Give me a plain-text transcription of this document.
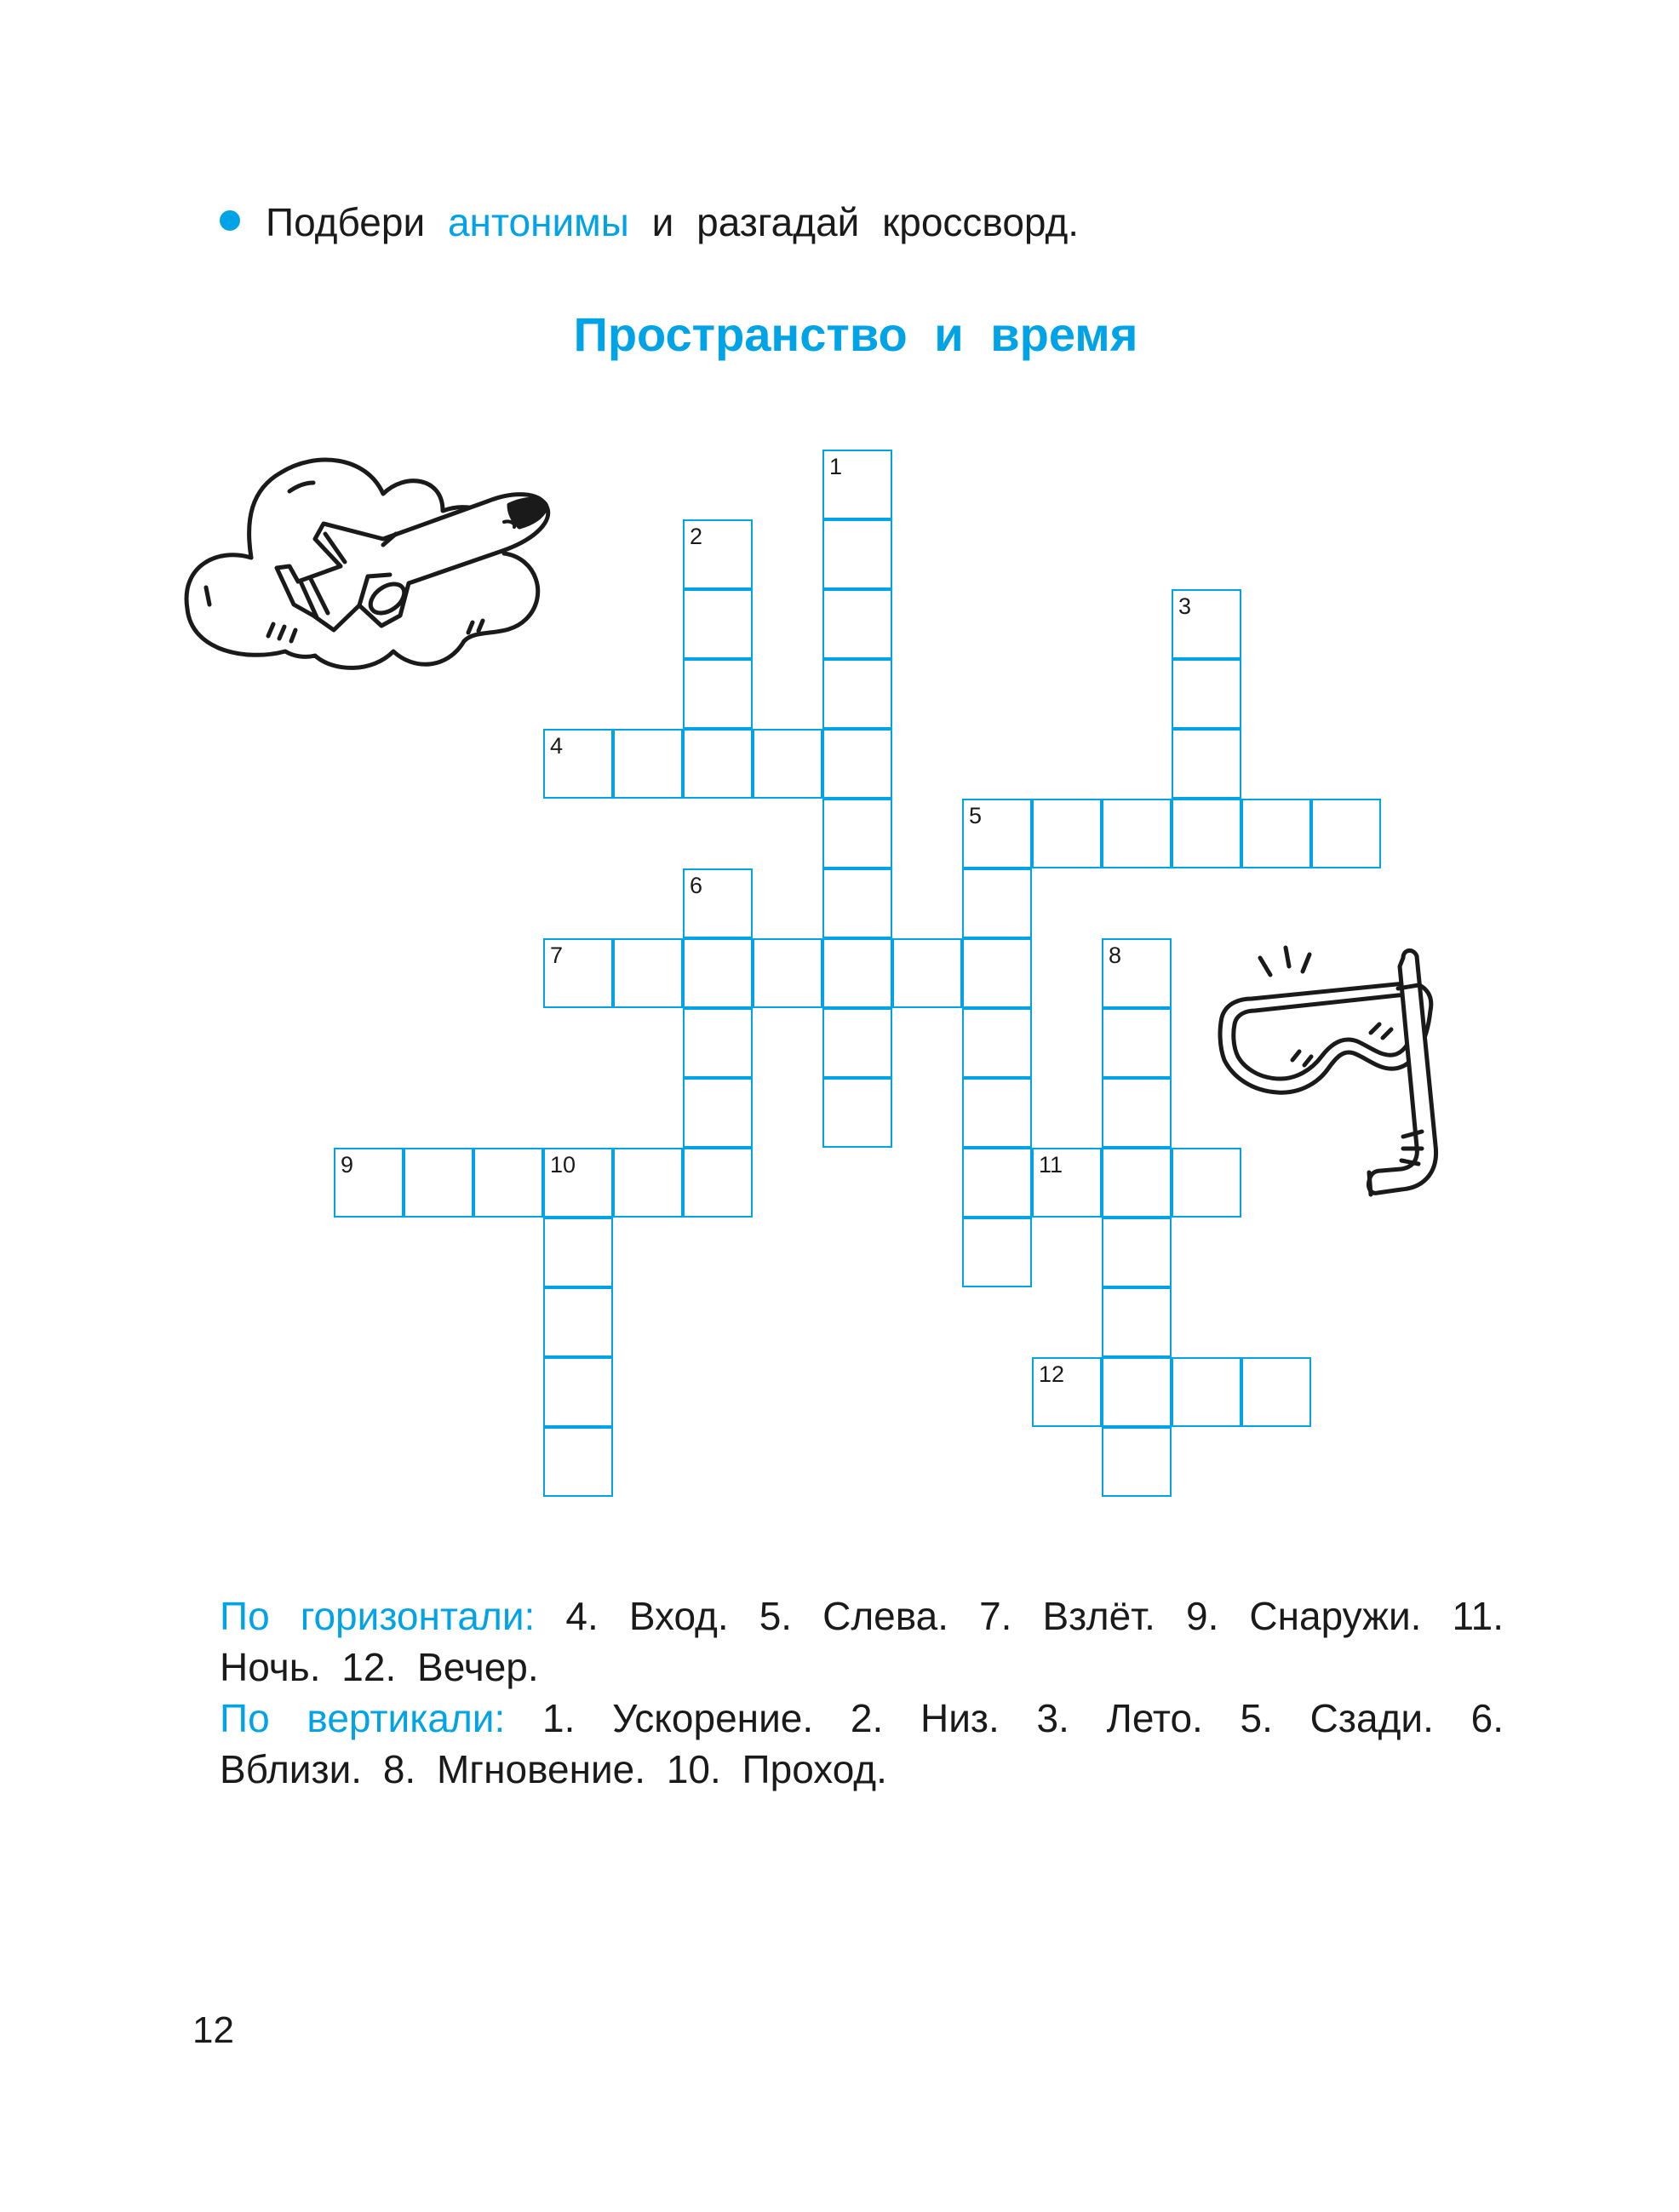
Подбери антонимы и разгадай кроссворд.
Пространство и время
1
2
3
4
5
6
7	8
9	10	11
12

По горизонтали: 4. Вход. 5. Слева. 7. Взлёт. 9. Снаружи. 11. Ночь. 12. Вечер.

По вертикали: 1. Ускорение. 2. Низ. 3. Лето. 5. Сзади. 6. Вблизи. 8. Мгновение. 10. Проход.

12
